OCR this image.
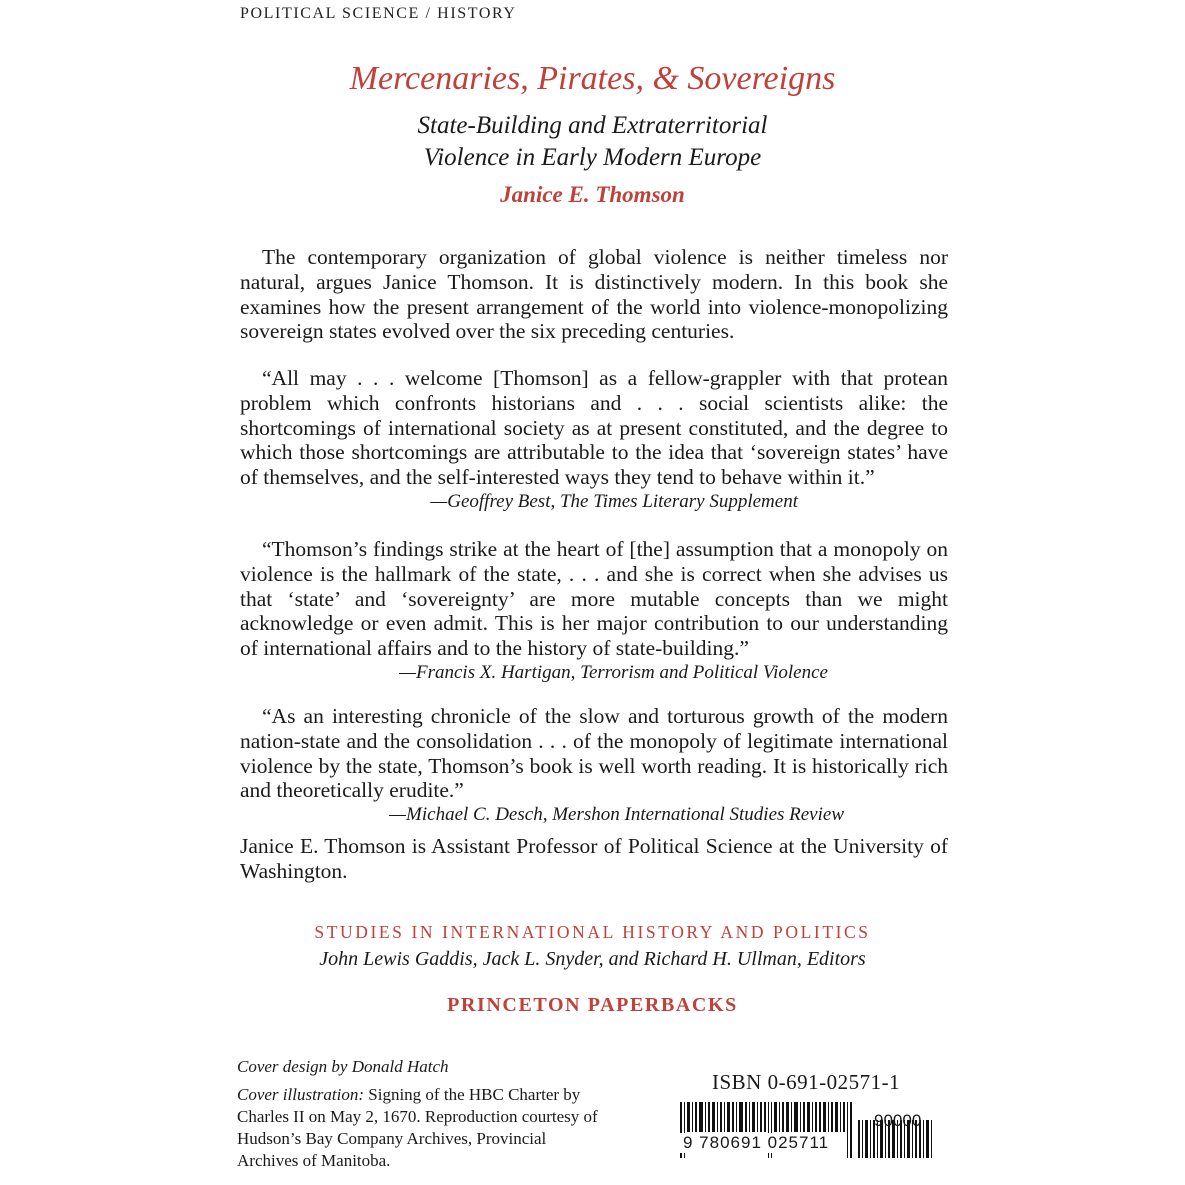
POLITICAL SCIENCE / HISTORY
Mercenaries, Pirates, & Sovereigns
State-Building and Extraterritorial
Violence in Early Modern Europe
Janice E. Thomson

The contemporary organization of global violence is neither timeless nor natural, argues Janice Thomson. It is distinctively modern. In this book she examines how the present arrangement of the world into violence-monopolizing sovereign states evolved over the six preceding centuries.

“All may . . . welcome [Thomson] as a fellow-grappler with that protean problem which confronts historians and . . . social scientists alike: the shortcomings of international society as at present constituted, and the degree to which those shortcomings are attributable to the idea that ‘sovereign states’ have of themselves, and the self-interested ways they tend to behave within it.”

—Geoffrey Best, The Times Literary Supplement

“Thomson’s findings strike at the heart of [the] assumption that a monopoly on violence is the hallmark of the state, . . . and she is correct when she advises us that ‘state’ and ‘sovereignty’ are more mutable concepts than we might acknowledge or even admit. This is her major contribution to our understanding of international affairs and to the history of state-building.”

—Francis X. Hartigan, Terrorism and Political Violence

“As an interesting chronicle of the slow and torturous growth of the modern nation-state and the consolidation . . . of the monopoly of legitimate international violence by the state, Thomson’s book is well worth reading. It is historically rich and theoretically erudite.”

—Michael C. Desch, Mershon International Studies Review

Janice E. Thomson is Assistant Professor of Political Science at the University of Washington.

STUDIES IN INTERNATIONAL HISTORY AND POLITICS
John Lewis Gaddis, Jack L. Snyder, and Richard H. Ullman, Editors
PRINCETON PAPERBACKS
Cover design by Donald Hatch
Cover illustration: Signing of the HBC Charter by Charles II on May 2, 1670. Reproduction courtesy of Hudson’s Bay Company Archives, Provincial Archives of Manitoba.
ISBN 0-691-02571-1
90000
9 780691 025711
